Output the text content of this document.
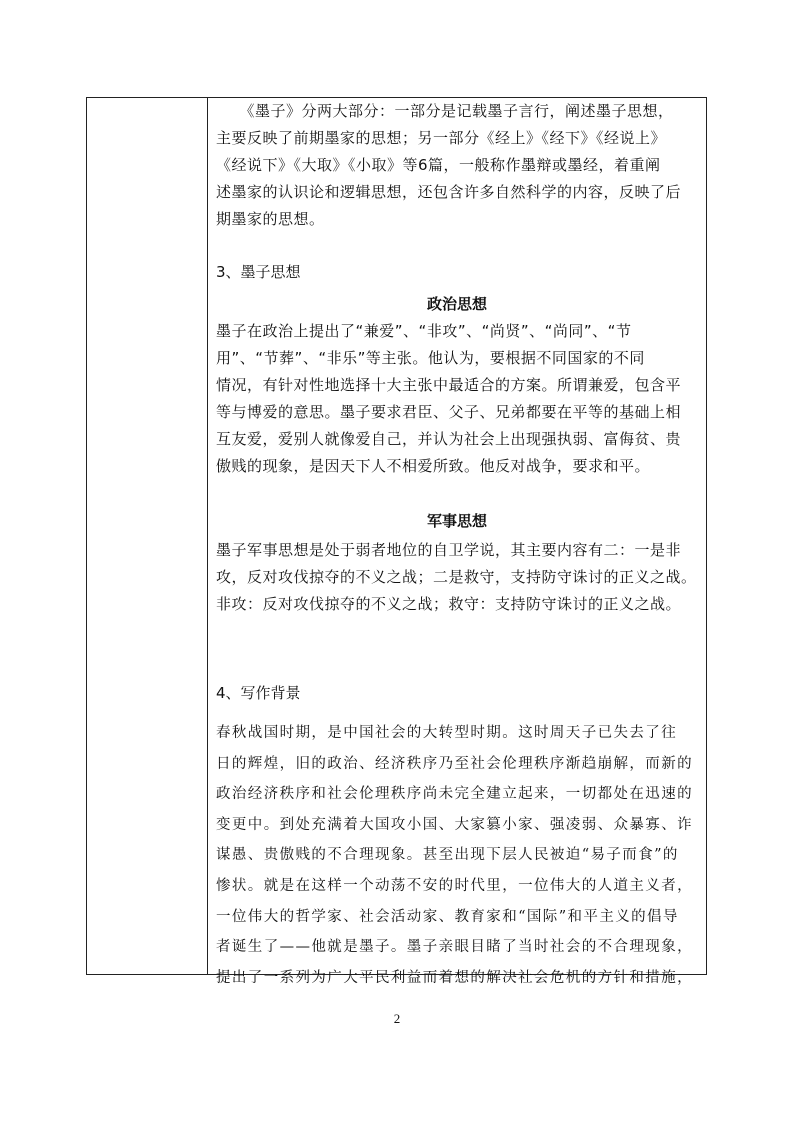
　　《墨子》分两大部分：一部分是记载墨子言行，阐述墨子思想，
主要反映了前期墨家的思想；另一部分《经上》《经下》《经说上》
《经说下》《大取》《小取》等6篇，一般称作墨辩或墨经，着重阐
述墨家的认识论和逻辑思想，还包含许多自然科学的内容，反映了后
期墨家的思想。
3、墨子思想
政治思想
墨子在政治上提出了“兼爱”、“非攻”、“尚贤”、“尚同”、“节
用”、“节葬”、“非乐”等主张。他认为，要根据不同国家的不同
情况，有针对性地选择十大主张中最适合的方案。所谓兼爱，包含平
等与博爱的意思。墨子要求君臣、父子、兄弟都要在平等的基础上相
互友爱，爱别人就像爱自己，并认为社会上出现强执弱、富侮贫、贵
傲贱的现象，是因天下人不相爱所致。他反对战争，要求和平。
军事思想
墨子军事思想是处于弱者地位的自卫学说，其主要内容有二：一是非
攻，反对攻伐掠夺的不义之战；二是救守，支持防守诛讨的正义之战。
非攻：反对攻伐掠夺的不义之战；救守：支持防守诛讨的正义之战。
4、写作背景
春秋战国时期，是中国社会的大转型时期。这时周天子已失去了往
日的辉煌，旧的政治、经济秩序乃至社会伦理秩序渐趋崩解，而新的
政治经济秩序和社会伦理秩序尚未完全建立起来，一切都处在迅速的
变更中。到处充满着大国攻小国、大家篡小家、强凌弱、众暴寡、诈
谋愚、贵傲贱的不合理现象。甚至出现下层人民被迫“易子而食”的
惨状。就是在这样一个动荡不安的时代里，一位伟大的人道主义者，
一位伟大的哲学家、社会活动家、教育家和“国际”和平主义的倡导
者诞生了——他就是墨子。墨子亲眼目睹了当时社会的不合理现象，
提出了一系列为广大平民利益而着想的解决社会危机的方针和措施，
2
